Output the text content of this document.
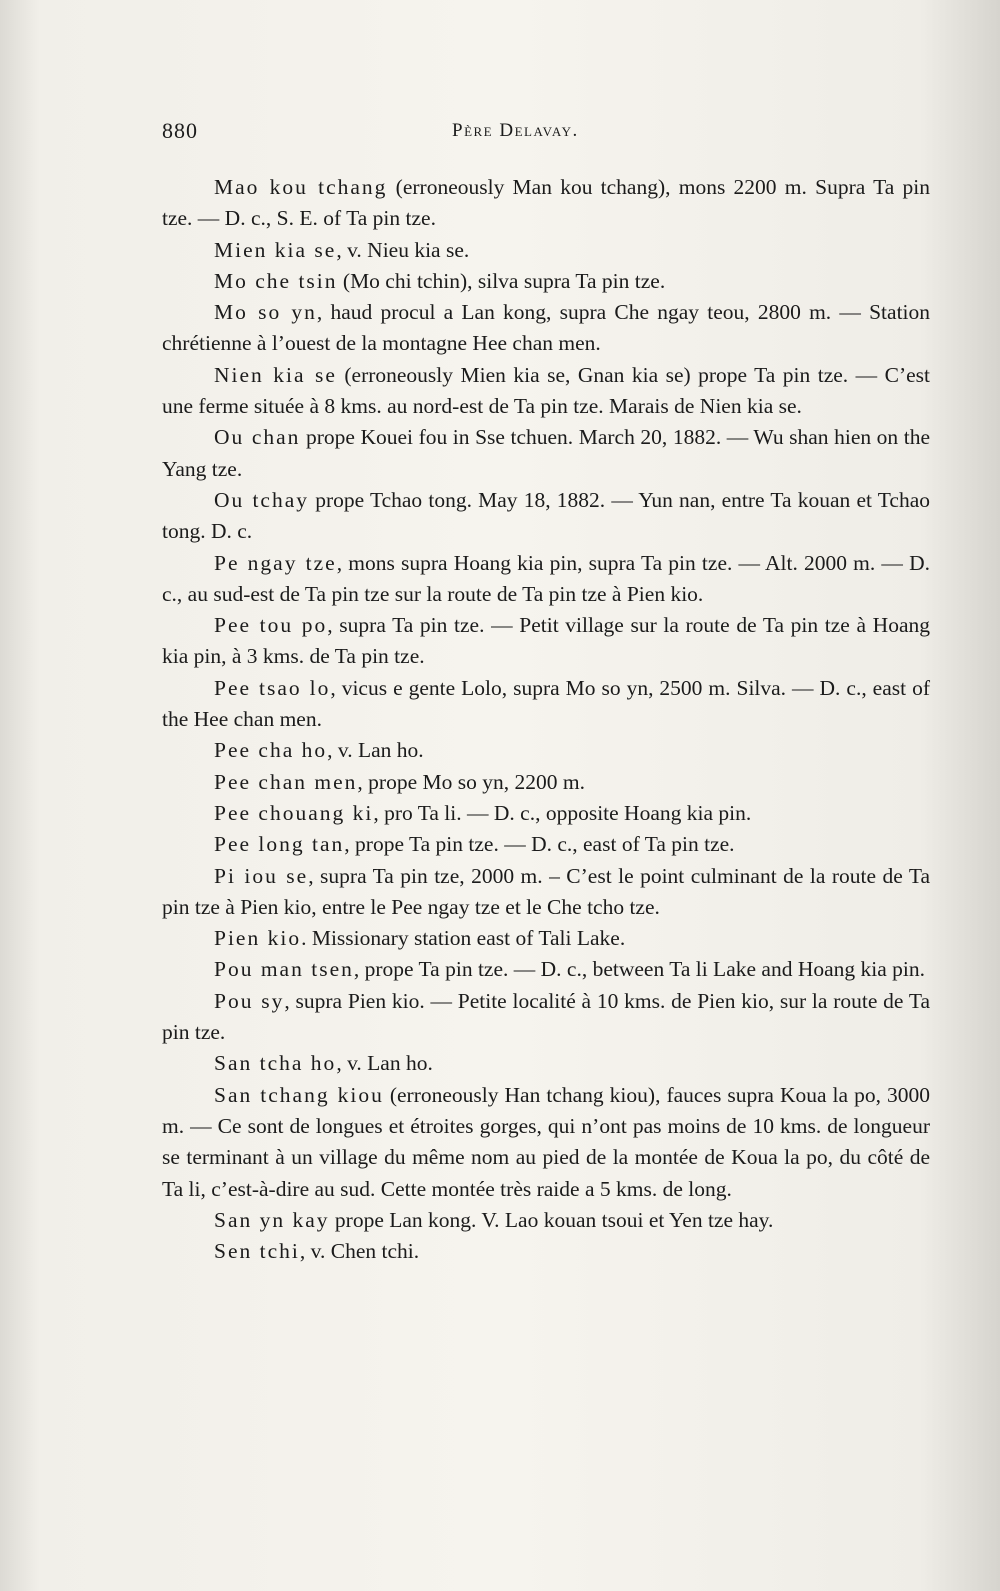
880	Père Delavay.

Mao kou tchang (erroneously Man kou tchang), mons 2200 m. Supra Ta pin tze. — D. c., S. E. of Ta pin tze.

Mien kia se, v. Nieu kia se.

Mo che tsin (Mo chi tchin), silva supra Ta pin tze.

Mo so yn, haud procul a Lan kong, supra Che ngay teou, 2800 m. — Station chrétienne à l’ouest de la montagne Hee chan men.

Nien kia se (erroneously Mien kia se, Gnan kia se) prope Ta pin tze. — C’est une ferme située à 8 kms. au nord-est de Ta pin tze. Marais de Nien kia se.

Ou chan prope Kouei fou in Sse tchuen. March 20, 1882. — Wu shan hien on the Yang tze.

Ou tchay prope Tchao tong. May 18, 1882. — Yun nan, entre Ta kouan et Tchao tong. D. c.

Pe ngay tze, mons supra Hoang kia pin, supra Ta pin tze. — Alt. 2000 m. — D. c., au sud-est de Ta pin tze sur la route de Ta pin tze à Pien kio.

Pee tou po, supra Ta pin tze. — Petit village sur la route de Ta pin tze à Hoang kia pin, à 3 kms. de Ta pin tze.

Pee tsao lo, vicus e gente Lolo, supra Mo so yn, 2500 m. Silva. — D. c., east of the Hee chan men.

Pee cha ho, v. Lan ho.

Pee chan men, prope Mo so yn, 2200 m.

Pee chouang ki, pro Ta li. — D. c., opposite Hoang kia pin.

Pee long tan, prope Ta pin tze. — D. c., east of Ta pin tze.

Pi iou se, supra Ta pin tze, 2000 m. – C’est le point culminant de la route de Ta pin tze à Pien kio, entre le Pee ngay tze et le Che tcho tze.

Pien kio. Missionary station east of Tali Lake.

Pou man tsen, prope Ta pin tze. — D. c., between Ta li Lake and Hoang kia pin.

Pou sy, supra Pien kio. — Petite localité à 10 kms. de Pien kio, sur la route de Ta pin tze.

San tcha ho, v. Lan ho.

San tchang kiou (erroneously Han tchang kiou), fauces supra Koua la po, 3000 m. — Ce sont de longues et étroites gorges, qui n’ont pas moins de 10 kms. de longueur se terminant à un village du même nom au pied de la montée de Koua la po, du côté de Ta li, c’est-à-dire au sud. Cette montée très raide a 5 kms. de long.

San yn kay prope Lan kong. V. Lao kouan tsoui et Yen tze hay.

Sen tchi, v. Chen tchi.
